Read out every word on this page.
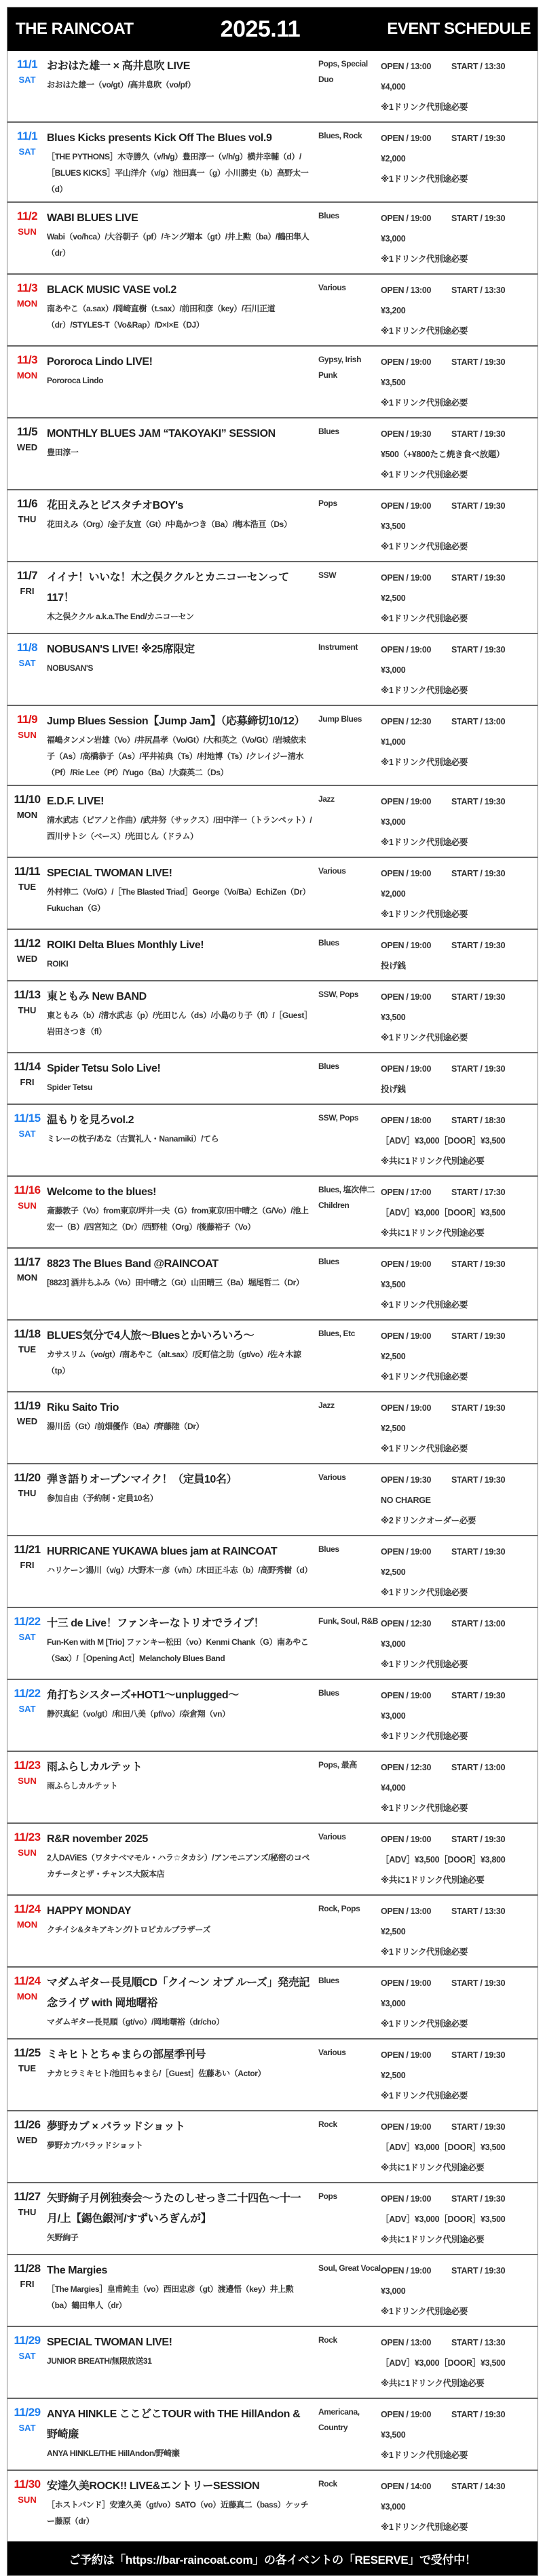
THE RAINCOAT	2025.11	EVENT SCHEDULE
11/1
SAT
おおはた雄一 × 高井息吹 LIVE
おおはた雄一（vo/gt）/高井息吹（vo/pf）
Pops, Special Duo
OPEN / 13:00	START / 13:30
¥4,000
※1ドリンク代別途必要
11/1
SAT
Blues Kicks presents Kick Off The Blues vol.9
［THE PYTHONS］木寺勝久（v/h/g）豊田淳一（v/h/g）横井幸輔（d）/［BLUES KICKS］平山洋介（v/g）池田真一（g）小川勝史（b）高野太一（d）
Blues, Rock	OPEN / 19:00	START / 19:30
¥2,000
※1ドリンク代別途必要
11/2
SUN
WABI BLUES LIVE
Wabi（vo/hca）/大谷朝子（pf）/キング増本（gt）/井上勲（ba）/鶴田隼人（dr）
Blues	OPEN / 19:00	START / 19:30
¥3,000
※1ドリンク代別途必要
11/3
MON
BLACK MUSIC VASE vol.2
南あやこ（a.sax）/岡崎直樹（t.sax）/前田和彦（key）/石川正道（dr）/STYLES-T（Vo&Rap）/D×I×E（DJ）
Various	OPEN / 13:00	START / 13:30
¥3,200
※1ドリンク代別途必要
11/3
MON
Pororoca Lindo LIVE!
Pororoca Lindo
Gypsy, Irish Punk
OPEN / 19:00	START / 19:30
¥3,500
※1ドリンク代別途必要
11/5
WED
MONTHLY BLUES JAM “TAKOYAKI” SESSION
豊田淳一
Blues	OPEN / 19:30	START / 19:30
¥500（+¥800たこ焼き食べ放題）
※1ドリンク代別途必要
11/6
THU
花田えみとピスタチオBOY's
花田えみ（Org）/金子友宣（Gt）/中島かつき（Ba）/梅本浩亘（Ds）
Pops	OPEN / 19:00	START / 19:30
¥3,500
※1ドリンク代別途必要
11/7
FRI
イイナ！いいな！木之俣ククルとカニコーセンって117！
木之俣ククル a.k.a.The End/カニコーセン
SSW	OPEN / 19:00	START / 19:30
¥2,500
※1ドリンク代別途必要
11/8
SAT
NOBUSAN'S LIVE! ※25席限定
NOBUSAN'S
Instrument	OPEN / 19:00	START / 19:30
¥3,000
※1ドリンク代別途必要
11/9
SUN
Jump Blues Session【Jump Jam】（応募締切10/12）
福嶋タンメン岩雄（Vo）/井尻昌孝（Vo/Gt）/大和英之（Vo/Gt）/岩城依未子（As）/高橋恭子（As）/平井祐典（Ts）/村地博（Ts）/クレイジー清水（Pf）/Rie Lee（Pf）/Yugo（Ba）/大森英二（Ds）
Jump Blues	OPEN / 12:30	START / 13:00
¥1,000
※1ドリンク代別途必要
11/10
MON
E.D.F. LIVE!
清水武志（ピアノと作曲）/武井努（サックス）/田中洋一（トランペット）/西川サトシ（ベース）/光田じん（ドラム）
Jazz	OPEN / 19:00	START / 19:30
¥3,000
※1ドリンク代別途必要
11/11
TUE
SPECIAL TWOMAN LIVE!
外村伸二（Vo/G）/［The Blasted Triad］George（Vo/Ba）EchiZen（Dr）Fukuchan（G）
Various	OPEN / 19:00	START / 19:30
¥2,000
※1ドリンク代別途必要
11/12
WED
ROIKI Delta Blues Monthly Live!
ROIKI
Blues	OPEN / 19:00	START / 19:30
投げ銭
11/13
THU
東ともみ New BAND
東ともみ（b）/清水武志（p）/光田じん（ds）/小島のり子（fl）/［Guest］岩田さつき（fl）
SSW, Pops	OPEN / 19:00	START / 19:30
¥3,500
※1ドリンク代別途必要
11/14
FRI
Spider Tetsu Solo Live!
Spider Tetsu
Blues	OPEN / 19:00	START / 19:30
投げ銭
11/15
SAT
温もりを見ろvol.2
ミレーの枕子/あな（古賀礼人・Nanamiki）/てら
SSW, Pops	OPEN / 18:00	START / 18:30
［ADV］¥3,000［DOOR］¥3,500
※共に1ドリンク代別途必要
11/16
SUN
Welcome to the blues!
斎藤敦子（Vo）from東京/坪井一夫（G）from東京/田中晴之（G/Vo）/池上宏一（B）/四宮知之（Dr）/西野桂（Org）/後藤裕子（Vo）
Blues, 塩次伸二Children
OPEN / 17:00	START / 17:30
［ADV］¥3,000［DOOR］¥3,500
※共に1ドリンク代別途必要
11/17
MON
8823 The Blues Band @RAINCOAT
[8823] 酒井ちふみ（Vo）田中晴之（Gt）山田晴三（Ba）堀尾哲二（Dr）
Blues	OPEN / 19:00	START / 19:30
¥3,500
※1ドリンク代別途必要
11/18
TUE
BLUES気分で4人旅〜Bluesとかいろいろ〜
カサスリム（vo/gt）/南あやこ（alt.sax）/反町信之助（gt/vo）/佐々木諒（tp）
Blues, Etc	OPEN / 19:00	START / 19:30
¥2,500
※1ドリンク代別途必要
11/19
WED
Riku Saito Trio
湯川岳（Gt）/前畑優作（Ba）/齊藤陸（Dr）
Jazz	OPEN / 19:00	START / 19:30
¥2,500
※1ドリンク代別途必要
11/20
THU
弾き語りオープンマイク！（定員10名）
参加自由（予約制・定員10名）
Various	OPEN / 19:30	START / 19:30
NO CHARGE
※2ドリンクオーダー必要
11/21
FRI
HURRICANE YUKAWA blues jam at RAINCOAT
ハリケーン湯川（v/g）/大野木一彦（v/h）/木田正斗志（b）/高野秀樹（d）
Blues	OPEN / 19:00	START / 19:30
¥2,500
※1ドリンク代別途必要
11/22
SAT
十三 de Live！ファンキーなトリオでライブ！
Fun-Ken with M [Trio] ファンキー松田（vo）Kenmi Chank（G）南あやこ（Sax）/［Opening Act］Melancholy Blues Band
Funk, Soul, R&B OPEN / 12:30	START / 13:00
¥3,000
※1ドリンク代別途必要
11/22
SAT
角打ちシスターズ+HOT1〜unplugged〜
静沢真紀（vo/gt）/和田八美（pf/vo）/奈倉翔（vn）
Blues	OPEN / 19:00	START / 19:30
¥3,000
※1ドリンク代別途必要
11/23
SUN
雨ふらしカルテット
雨ふらしカルテット
Pops, 最高	OPEN / 12:30	START / 13:00
¥4,000
※1ドリンク代別途必要
11/23
SUN
R&R november 2025
2人DAViES（ワタナベマモル・ハラ☆タカシ）/アンモニアンズ/秘密のコペカチータとザ・チャンス大阪本店
Various	OPEN / 19:00	START / 19:30
［ADV］¥3,500［DOOR］¥3,800
※共に1ドリンク代別途必要
11/24
MON
HAPPY MONDAY
クチイシ&タキアキング/トロピカルブラザーズ
Rock, Pops	OPEN / 13:00	START / 13:30
¥2,500
※1ドリンク代別途必要
11/24
MON
マダムギター長見順CD「クイ〜ン オブ ルーズ」発売記念ライヴ with 岡地曙裕
マダムギター長見順（gt/vo）/岡地曙裕（dr/cho）
Blues	OPEN / 19:00	START / 19:30
¥3,000
※1ドリンク代別途必要
11/25
TUE
ミキヒトとちゃまらの部屋季刊号
ナカヒラミキヒト/池田ちゃまら/［Guest］佐藤あい（Actor）
Various	OPEN / 19:00	START / 19:30
¥2,500
※1ドリンク代別途必要
11/26
WED
夢野カブ × バラッドショット
夢野カブ/バラッドショット
Rock	OPEN / 19:00	START / 19:30
［ADV］¥3,000［DOOR］¥3,500
※共に1ドリンク代別途必要
11/27
THU
矢野絢子月例独奏会〜うたのしせっき二十四色〜十一月/上【錫色銀河/すずいろぎんが】
矢野絢子
Pops	OPEN / 19:00	START / 19:30
［ADV］¥3,000［DOOR］¥3,500
※共に1ドリンク代別途必要
11/28
FRI
The Margies
［The Margies］皇甫純圭（vo）西田忠彦（gt）渡邉悟（key）井上勲（ba）鶴田隼人（dr）
Soul, Great Vocal OPEN / 19:00	START / 19:30
¥3,000
※1ドリンク代別途必要
11/29
SAT
SPECIAL TWOMAN LIVE!
JUNIOR BREATH/無限放送31
Rock	OPEN / 13:00	START / 13:30
［ADV］¥3,000［DOOR］¥3,500
※共に1ドリンク代別途必要
11/29
SAT
ANYA HINKLE ここどこTOUR with THE HillAndon & 野崎廉
ANYA HINKLE/THE HillAndon/野崎廉
Americana, Country
OPEN / 19:00	START / 19:30
¥3,500
※1ドリンク代別途必要
11/30
SUN
安達久美ROCK!! LIVE&エントリーSESSION
［ホストバンド］安達久美（gt/vo）SATO（vo）近藤真二（bass）ケッチー藤原（dr）
Rock	OPEN / 14:00	START / 14:30
¥3,000
※1ドリンク代別途必要
ご予約は「https://bar-raincoat.com」の各イベントの「RESERVE」で受付中！
